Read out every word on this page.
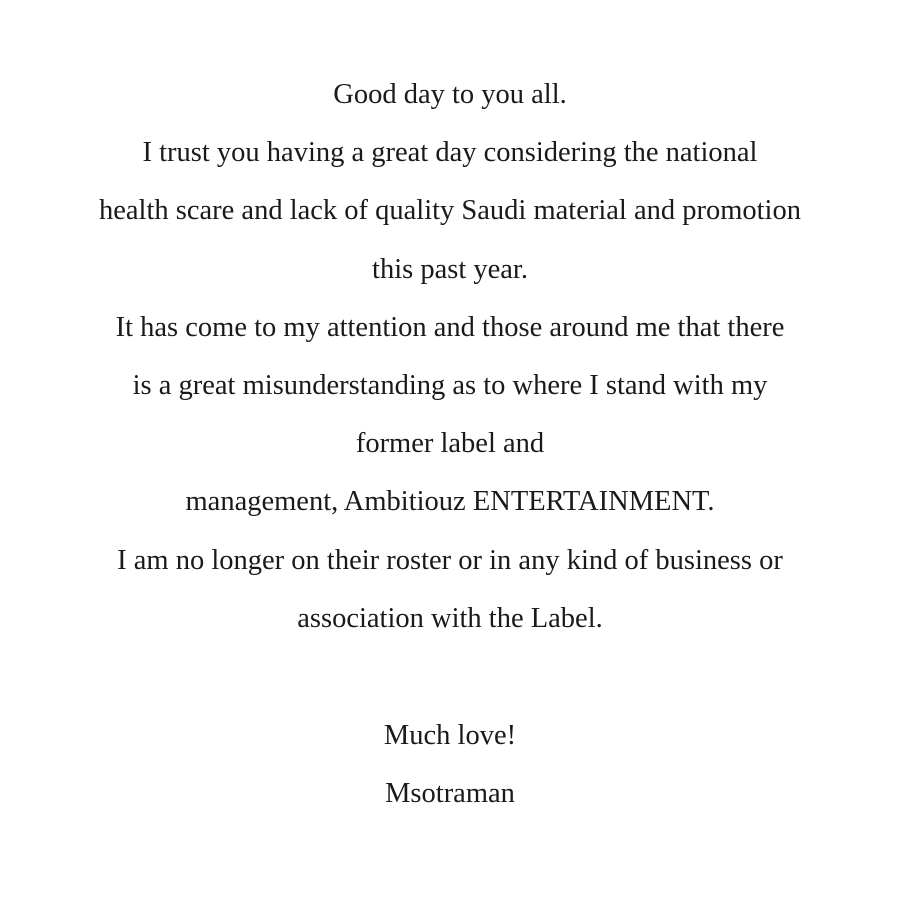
Good day to you all.
I trust you having a great day considering the national
health scare and lack of quality Saudi material and promotion
this past year.
It has come to my attention and those around me that there
is a great misunderstanding as to where I stand with my
former label and
management, Ambitiouz ENTERTAINMENT.
I am no longer on their roster or in any kind of business or
association with the Label.
Much love!
Msotraman
